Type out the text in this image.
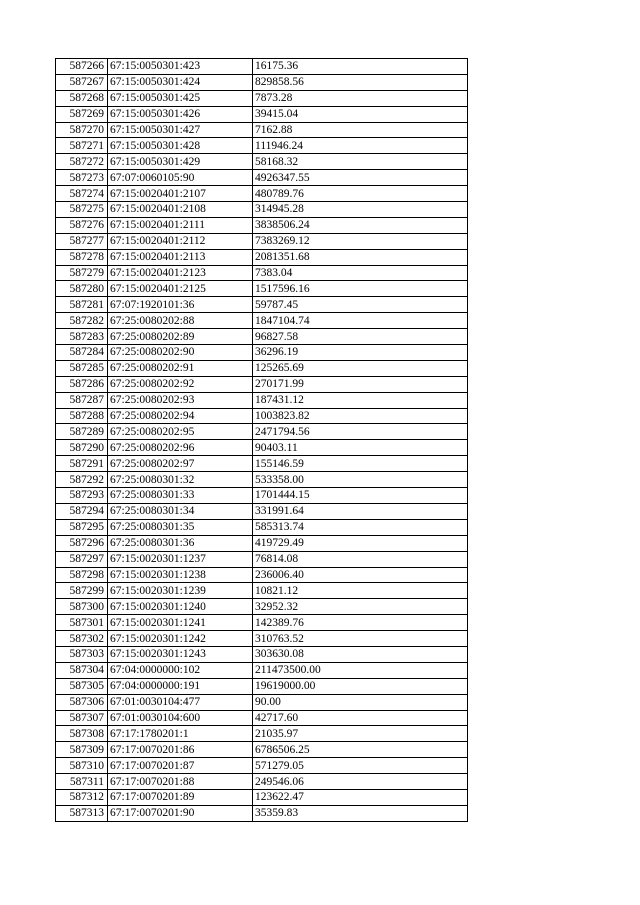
587266	67:15:0050301:423	16175.36
587267	67:15:0050301:424	829858.56
587268	67:15:0050301:425	7873.28
587269	67:15:0050301:426	39415.04
587270	67:15:0050301:427	7162.88
587271	67:15:0050301:428	111946.24
587272	67:15:0050301:429	58168.32
587273	67:07:0060105:90	4926347.55
587274	67:15:0020401:2107	480789.76
587275	67:15:0020401:2108	314945.28
587276	67:15:0020401:2111	3838506.24
587277	67:15:0020401:2112	7383269.12
587278	67:15:0020401:2113	2081351.68
587279	67:15:0020401:2123	7383.04
587280	67:15:0020401:2125	1517596.16
587281	67:07:1920101:36	59787.45
587282	67:25:0080202:88	1847104.74
587283	67:25:0080202:89	96827.58
587284	67:25:0080202:90	36296.19
587285	67:25:0080202:91	125265.69
587286	67:25:0080202:92	270171.99
587287	67:25:0080202:93	187431.12
587288	67:25:0080202:94	1003823.82
587289	67:25:0080202:95	2471794.56
587290	67:25:0080202:96	90403.11
587291	67:25:0080202:97	155146.59
587292	67:25:0080301:32	533358.00
587293	67:25:0080301:33	1701444.15
587294	67:25:0080301:34	331991.64
587295	67:25:0080301:35	585313.74
587296	67:25:0080301:36	419729.49
587297	67:15:0020301:1237	76814.08
587298	67:15:0020301:1238	236006.40
587299	67:15:0020301:1239	10821.12
587300	67:15:0020301:1240	32952.32
587301	67:15:0020301:1241	142389.76
587302	67:15:0020301:1242	310763.52
587303	67:15:0020301:1243	303630.08
587304	67:04:0000000:102	211473500.00
587305	67:04:0000000:191	19619000.00
587306	67:01:0030104:477	90.00
587307	67:01:0030104:600	42717.60
587308	67:17:1780201:1	21035.97
587309	67:17:0070201:86	6786506.25
587310	67:17:0070201:87	571279.05
587311	67:17:0070201:88	249546.06
587312	67:17:0070201:89	123622.47
587313	67:17:0070201:90	35359.83
